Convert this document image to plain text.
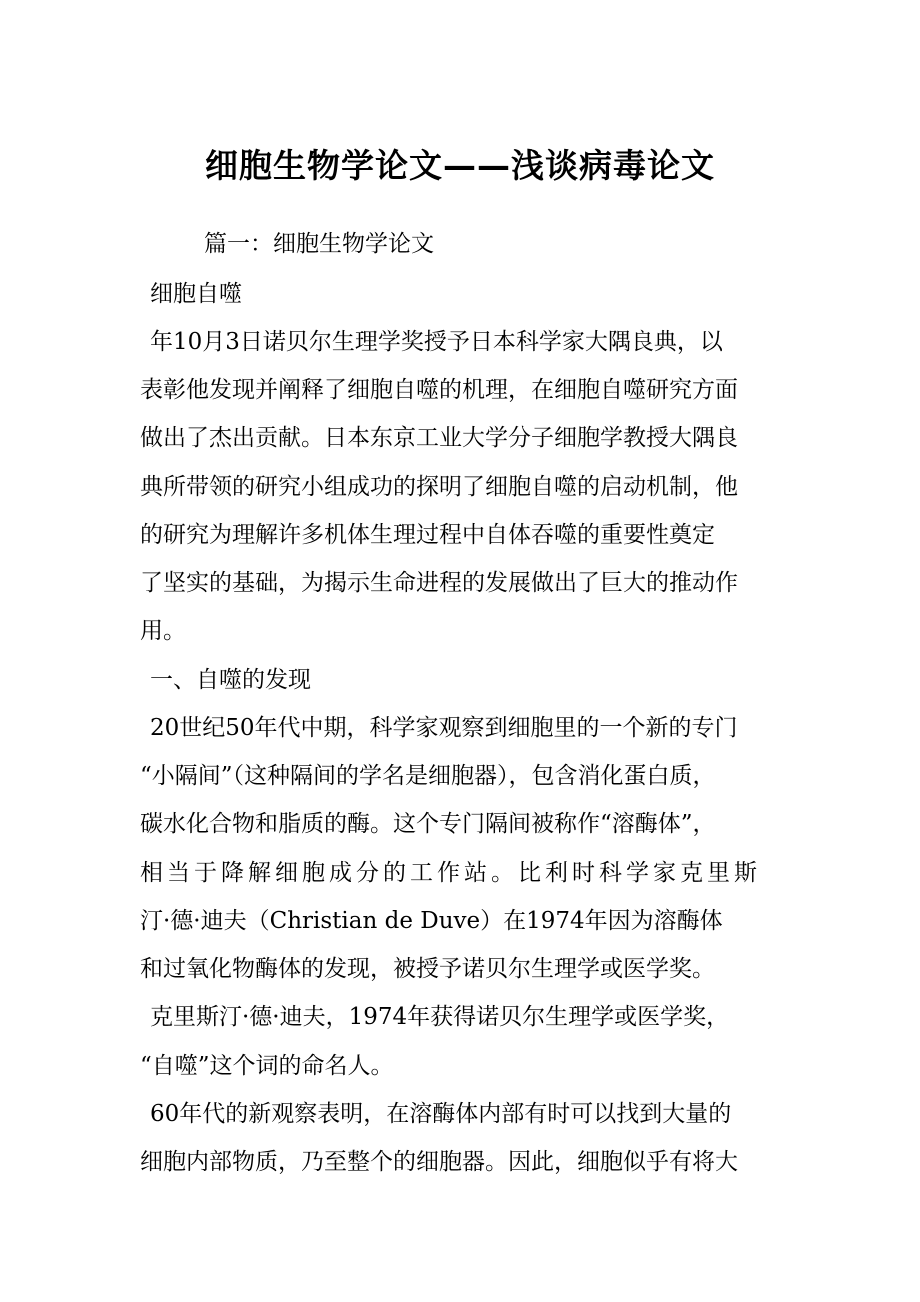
细胞生物学论文——浅谈病毒论文
篇一：细胞生物学论文
细胞自噬
年10月3日诺贝尔生理学奖授予日本科学家大隅良典，以
表彰他发现并阐释了细胞自噬的机理，在细胞自噬研究方面
做出了杰出贡献。日本东京工业大学分子细胞学教授大隅良
典所带领的研究小组成功的探明了细胞自噬的启动机制，他
的研究为理解许多机体生理过程中自体吞噬的重要性奠定
了坚实的基础，为揭示生命进程的发展做出了巨大的推动作
用。
一、自噬的发现
20世纪50年代中期，科学家观察到细胞里的一个新的专门
“小隔间”（这种隔间的学名是细胞器），包含消化蛋白质，
碳水化合物和脂质的酶。这个专门隔间被称作“溶酶体”，
相当于降解细胞成分的工作站。比利时科学家克里斯
汀·德·迪夫（Christian de Duve）在1974年因为溶酶体
和过氧化物酶体的发现，被授予诺贝尔生理学或医学奖。
克里斯汀·德·迪夫，1974年获得诺贝尔生理学或医学奖，
“自噬”这个词的命名人。
60年代的新观察表明，在溶酶体内部有时可以找到大量的
细胞内部物质，乃至整个的细胞器。因此，细胞似乎有将大
